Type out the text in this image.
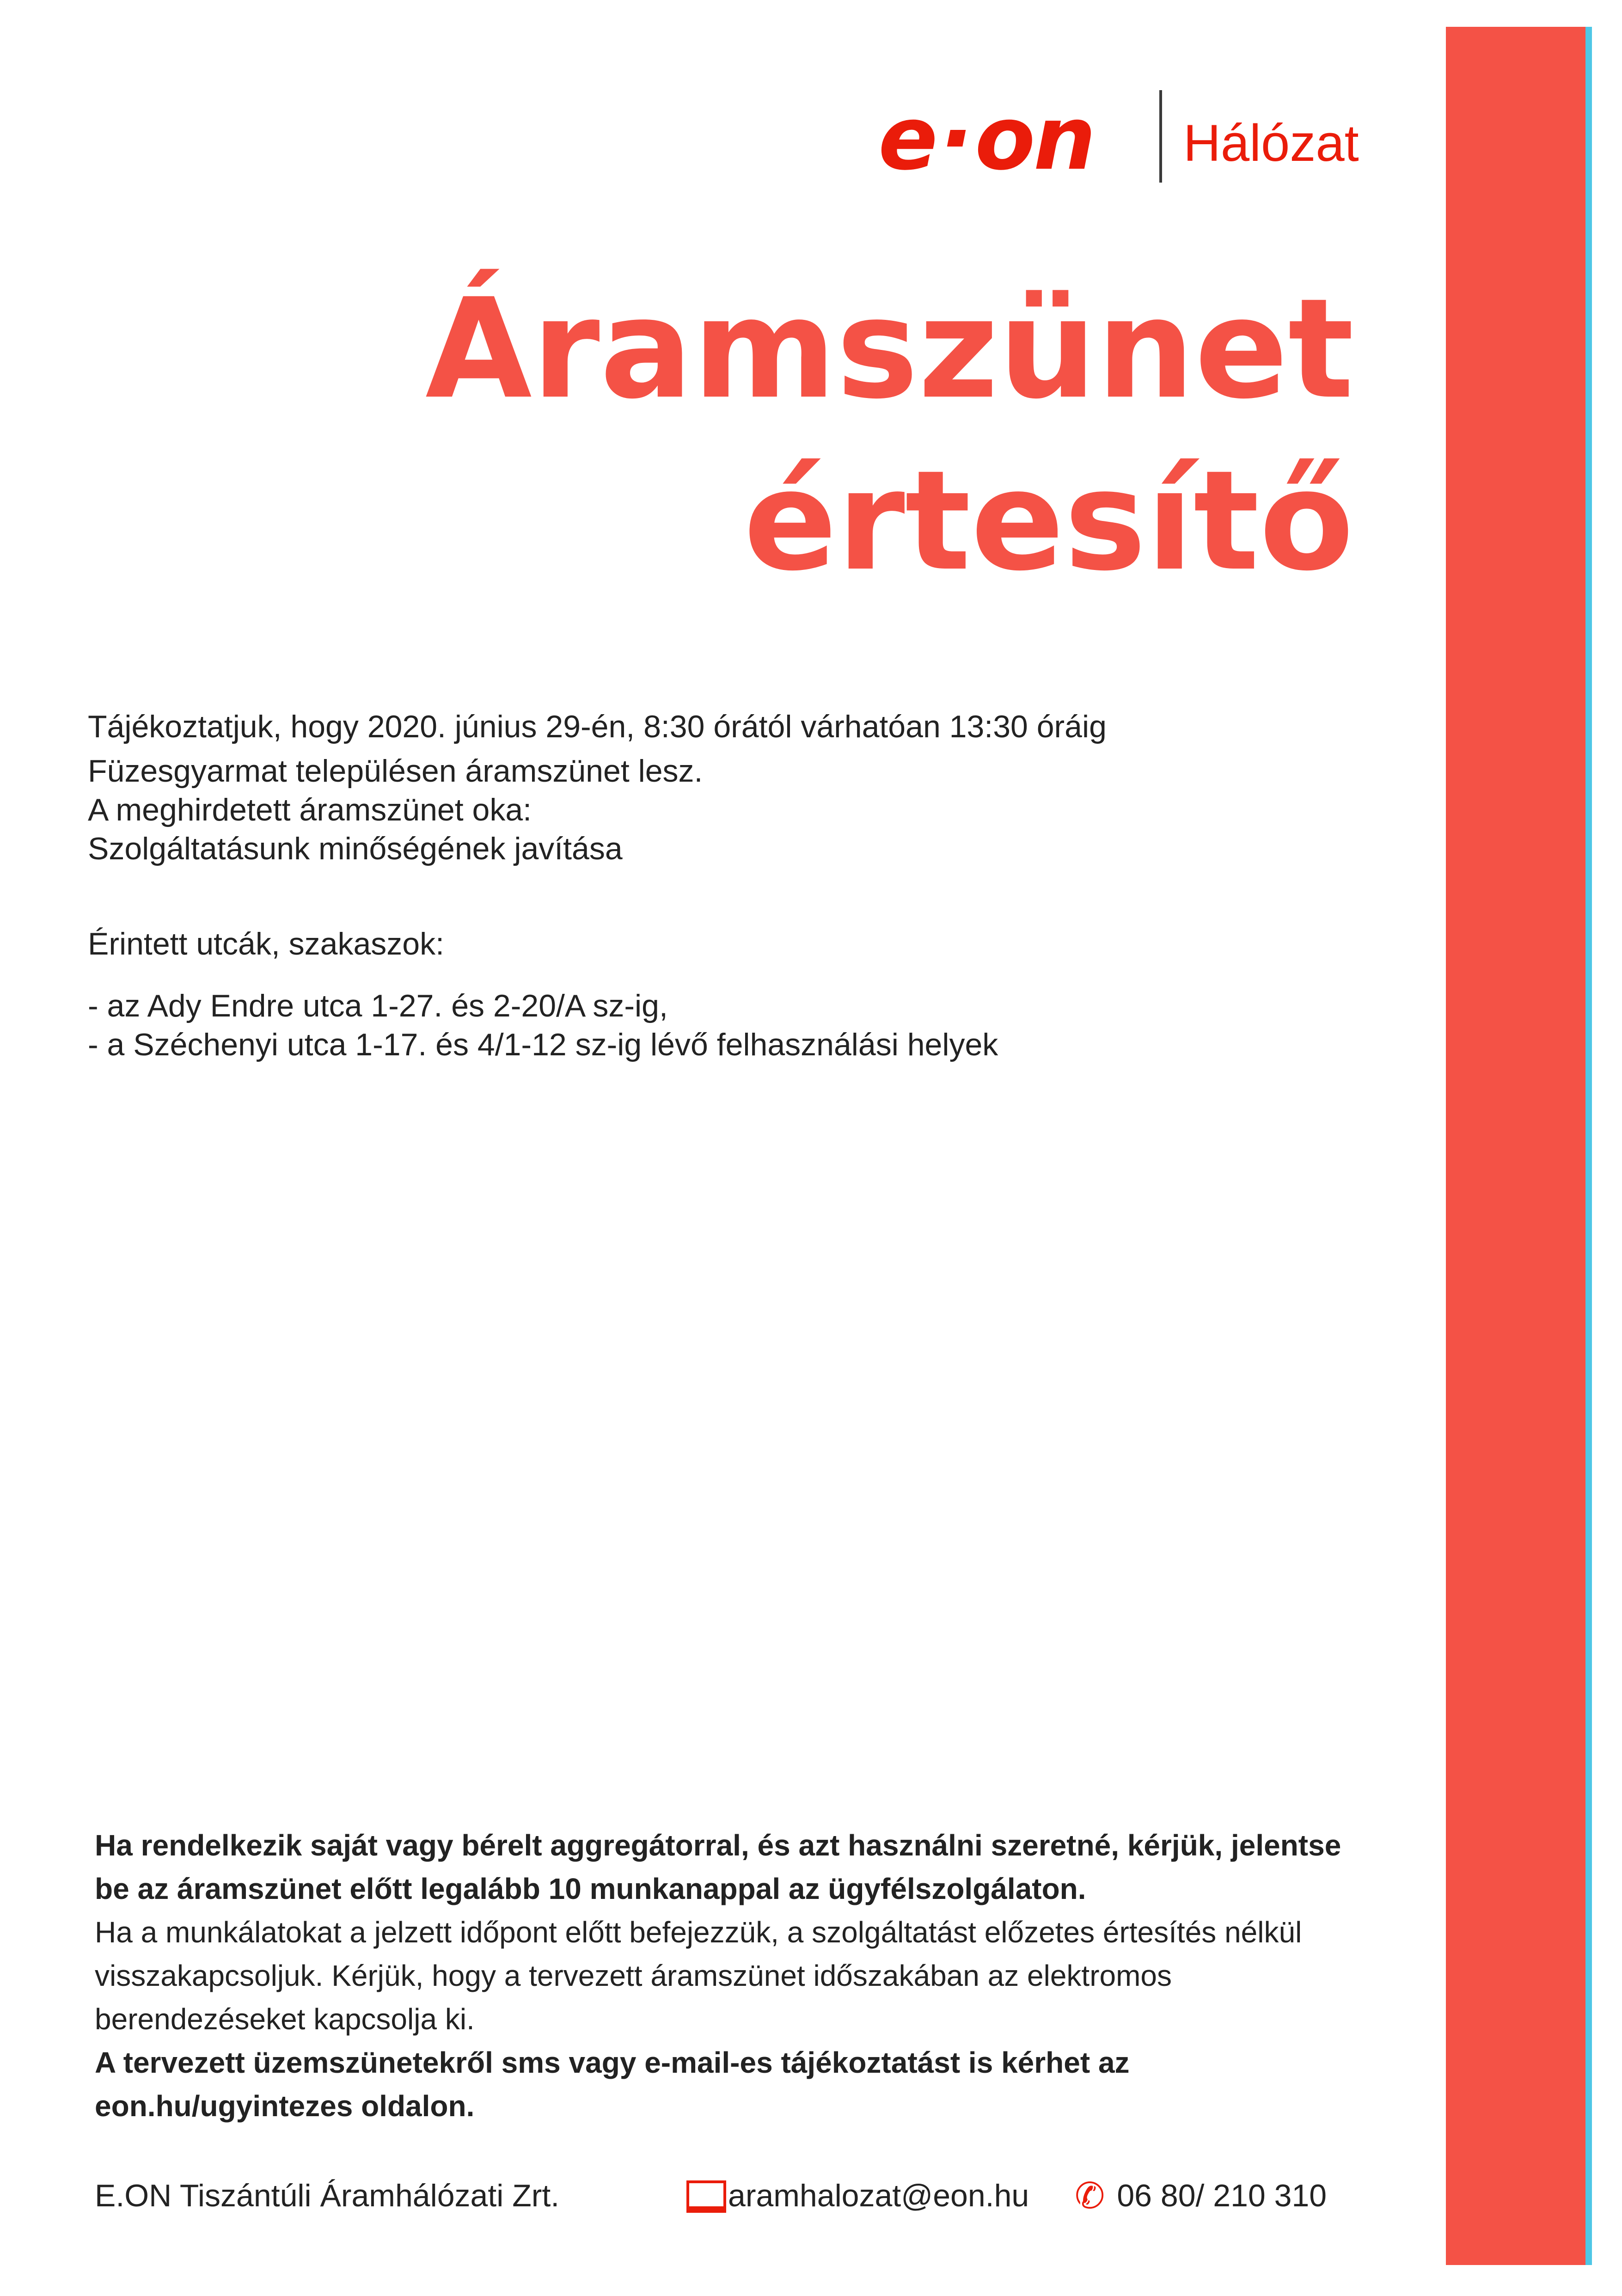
e·on Hálózat
Áramszünet
értesítő

Tájékoztatjuk, hogy 2020. június 29-én, 8:30 órától várhatóan 13:30 óráig

Füzesgyarmat településen áramszünet lesz.

A meghirdetett áramszünet oka:

Szolgáltatásunk minőségének javítása

Érintett utcák, szakaszok:

- az Ady Endre utca 1-27. és 2-20/A sz-ig,

- a Széchenyi utca 1-17. és 4/1-12 sz-ig lévő felhasználási helyek

Ha rendelkezik saját vagy bérelt aggregátorral, és azt használni szeretné, kérjük, jelentse be az áramszünet előtt legalább 10 munkanappal az ügyfélszolgálaton.

Ha a munkálatokat a jelzett időpont előtt befejezzük, a szolgáltatást előzetes értesítés nélkül visszakapcsoljuk. Kérjük, hogy a tervezett áramszünet időszakában az elektromos berendezéseket kapcsolja ki.

A tervezett üzemszünetekről sms vagy e-mail-es tájékoztatást is kérhet az eon.hu/ugyintezes oldalon.

E.ON Tiszántúli Áramhálózati Zrt.	aramhalozat@eon.hu ✆ 06 80/ 210 310
